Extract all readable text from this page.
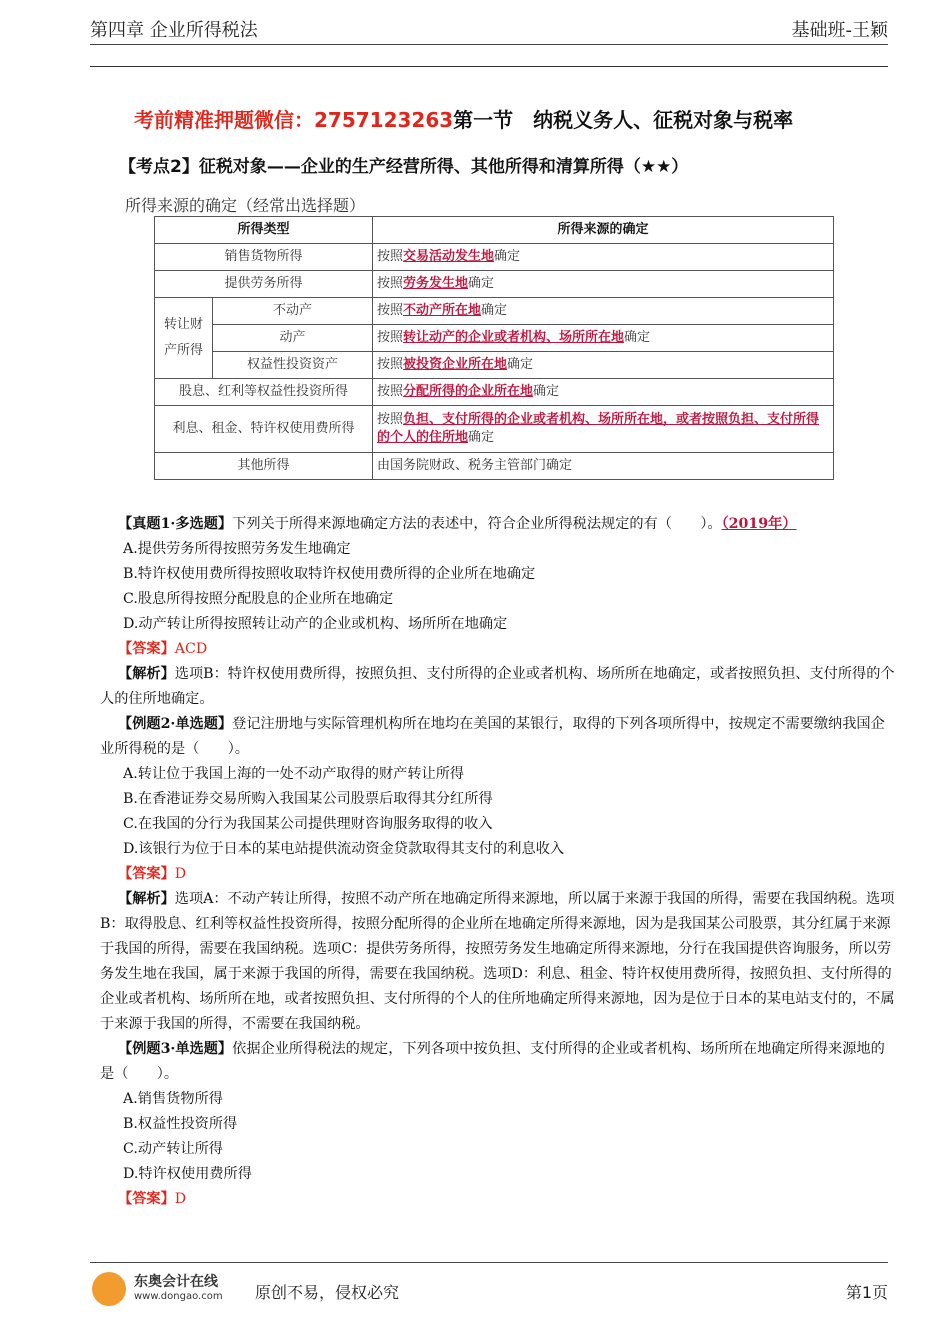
第四章 企业所得税法	基础班-王颖
考前精准押题微信：2757123263第一节　纳税义务人、征税对象与税率
【考点2】征税对象——企业的生产经营所得、其他所得和清算所得（★★）
所得来源的确定（经常出选择题）
所得类型		所得来源的确定
销售货物所得		按照交易活动发生地确定
提供劳务所得		按照劳务发生地确定
转让财产所得	不动产	按照不动产所在地确定
	动产	按照转让动产的企业或者机构、场所所在地确定
	权益性投资资产	按照被投资企业所在地确定
股息、红利等权益性投资所得		按照分配所得的企业所在地确定
利息、租金、特许权使用费所得		按照负担、支付所得的企业或者机构、场所所在地，或者按照负担、支付所得的个人的住所地确定
其他所得		由国务院财政、税务主管部门确定

【真题1·多选题】下列关于所得来源地确定方法的表述中，符合企业所得税法规定的有（　　）。（2019年）

A.提供劳务所得按照劳务发生地确定

B.特许权使用费所得按照收取特许权使用费所得的企业所在地确定

C.股息所得按照分配股息的企业所在地确定

D.动产转让所得按照转让动产的企业或机构、场所所在地确定

【答案】ACD

【解析】选项B：特许权使用费所得，按照负担、支付所得的企业或者机构、场所所在地确定，或者按照负担、支付所得的个人的住所地确定。

【例题2·单选题】登记注册地与实际管理机构所在地均在美国的某银行，取得的下列各项所得中，按规定不需要缴纳我国企业所得税的是（　　）。

A.转让位于我国上海的一处不动产取得的财产转让所得

B.在香港证券交易所购入我国某公司股票后取得其分红所得

C.在我国的分行为我国某公司提供理财咨询服务取得的收入

D.该银行为位于日本的某电站提供流动资金贷款取得其支付的利息收入

【答案】D

【解析】选项A：不动产转让所得，按照不动产所在地确定所得来源地，所以属于来源于我国的所得，需要在我国纳税。选项B：取得股息、红利等权益性投资所得，按照分配所得的企业所在地确定所得来源地，因为是我国某公司股票，其分红属于来源于我国的所得，需要在我国纳税。选项C：提供劳务所得，按照劳务发生地确定所得来源地，分行在我国提供咨询服务，所以劳务发生地在我国，属于来源于我国的所得，需要在我国纳税。选项D：利息、租金、特许权使用费所得，按照负担、支付所得的企业或者机构、场所所在地，或者按照负担、支付所得的个人的住所地确定所得来源地，因为是位于日本的某电站支付的，不属于来源于我国的所得，不需要在我国纳税。

【例题3·单选题】依据企业所得税法的规定，下列各项中按负担、支付所得的企业或者机构、场所所在地确定所得来源地的是（　　）。

A.销售货物所得

B.权益性投资所得

C.动产转让所得

D.特许权使用费所得

【答案】D

东奥会计在线
www.dongao.com 原创不易，侵权必究	第1页
